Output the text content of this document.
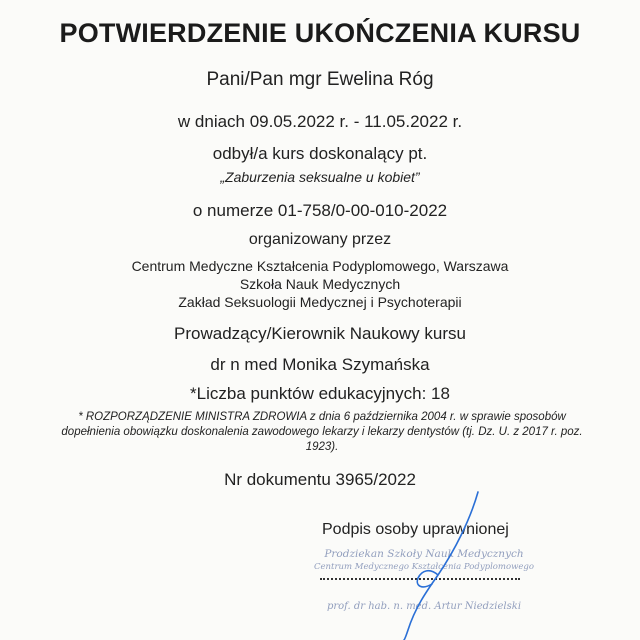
POTWIERDZENIE UKOŃCZENIA KURSU
Pani/Pan mgr Ewelina Róg
w dniach 09.05.2022 r. - 11.05.2022 r.
odbył/a kurs doskonalący pt.
„Zaburzenia seksualne u kobiet”
o numerze 01-758/0-00-010-2022
organizowany przez
Centrum Medyczne Kształcenia Podyplomowego, Warszawa
Szkoła Nauk Medycznych
Zakład Seksuologii Medycznej i Psychoterapii
Prowadzący/Kierownik Naukowy kursu
dr n med Monika Szymańska
*Liczba punktów edukacyjnych: 18
* ROZPORZĄDZENIE MINISTRA ZDROWIA z dnia 6 października 2004 r. w sprawie sposobów dopełnienia obowiązku doskonalenia zawodowego lekarzy i lekarzy dentystów (tj. Dz. U. z 2017 r. poz. 1923).
Nr dokumentu 3965/2022
Podpis osoby uprawnionej
Prodziekan Szkoły Nauk Medycznych
Centrum Medycznego Kształcenia Podyplomowego
prof. dr hab. n. med. Artur Niedzielski
